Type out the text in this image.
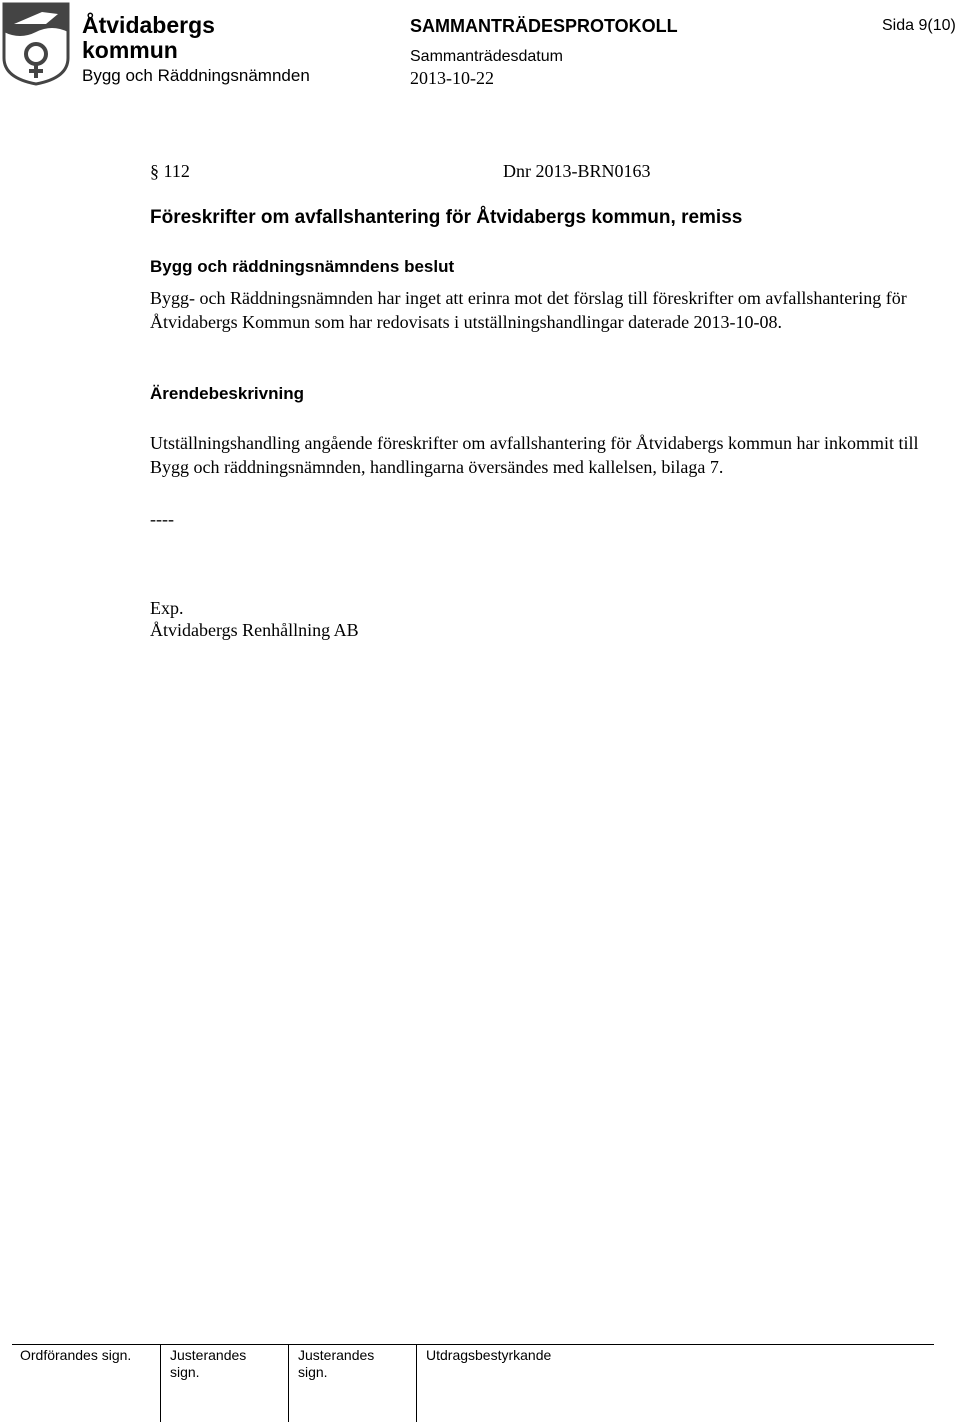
Åtvidabergs
kommun
Bygg och Räddningsnämnden
SAMMANTRÄDESPROTOKOLL
Sammanträdesdatum
2013-10-22
Sida 9(10)
§ 112	Dnr 2013-BRN0163
Föreskrifter om avfallshantering för Åtvidabergs kommun, remiss
Bygg och räddningsnämndens beslut
Bygg- och Räddningsnämnden har inget att erinra mot det förslag till föreskrifter om avfallshantering för Åtvidabergs Kommun som har redovisats i utställningshandlingar daterade 2013-10-08.
Ärendebeskrivning
Utställningshandling angående föreskrifter om avfallshantering för Åtvidabergs kommun har inkommit till Bygg och räddningsnämnden, handlingarna översändes med kallelsen, bilaga 7.
----
Exp.
Åtvidabergs Renhållning AB
Ordförandes sign.	Justerandes
sign.
Justerandes
sign.
Utdragsbestyrkande
